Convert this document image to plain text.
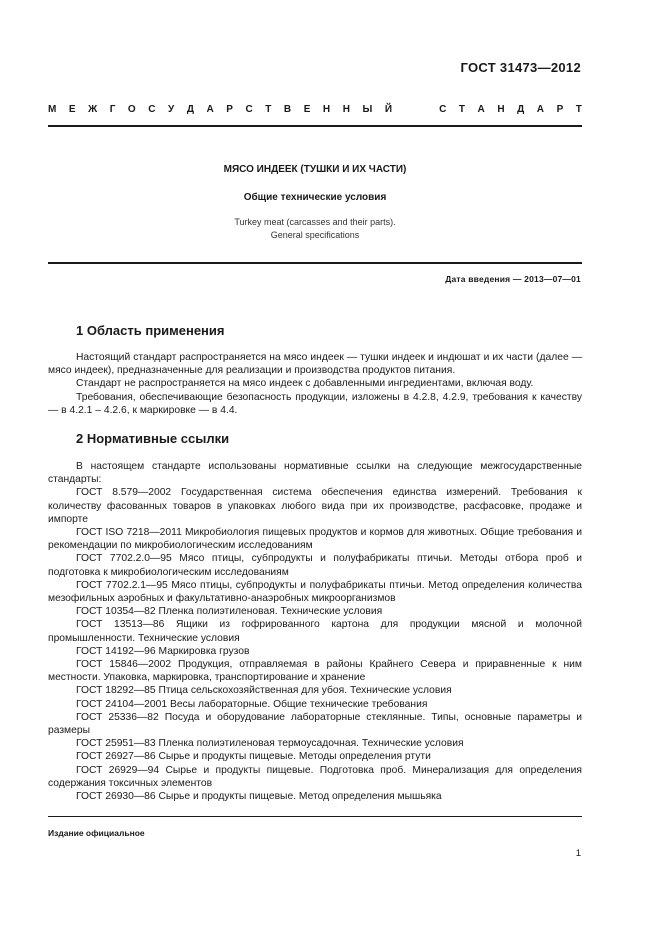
ГОСТ 31473—2012
М Е Ж Г О С У Д А Р С Т В Е Н Н Ы Й	С Т А Н Д А Р Т
МЯСО ИНДЕЕК (ТУШКИ И ИХ ЧАСТИ)
Общие технические условия
Turkey meat (carcasses and their parts).
General specifications
Дата введения — 2013—07—01
1 Область применения

Настоящий стандарт распространяется на мясо индеек — тушки индеек и индюшат и их части (далее — мясо индеек), предназначенные для реализации и производства продуктов питания.

Стандарт не распространяется на мясо индеек с добавленными ингредиентами, включая воду.

Требования, обеспечивающие безопасность продукции, изложены в 4.2.8, 4.2.9, требования к качеству — в 4.2.1 – 4.2.6, к маркировке — в 4.4.

2 Нормативные ссылки

В настоящем стандарте использованы нормативные ссылки на следующие межгосударственные стандарты:

ГОСТ 8.579—2002 Государственная система обеспечения единства измерений. Требования к количеству фасованных товаров в упаковках любого вида при их производстве, расфасовке, продаже и импорте

ГОСТ ISO 7218—2011 Микробиология пищевых продуктов и кормов для животных. Общие требования и рекомендации по микробиологическим исследованиям

ГОСТ 7702.2.0—95 Мясо птицы, субпродукты и полуфабрикаты птичьи. Методы отбора проб и подготовка к микробиологическим исследованиям

ГОСТ 7702.2.1—95 Мясо птицы, субпродукты и полуфабрикаты птичьи. Метод определения количества мезофильных аэробных и факультативно-анаэробных микроорганизмов

ГОСТ 10354—82 Пленка полиэтиленовая. Технические условия

ГОСТ 13513—86 Ящики из гофрированного картона для продукции мясной и молочной промышленности. Технические условия

ГОСТ 14192—96 Маркировка грузов

ГОСТ 15846—2002 Продукция, отправляемая в районы Крайнего Севера и приравненные к ним местности. Упаковка, маркировка, транспортирование и хранение

ГОСТ 18292—85 Птица сельскохозяйственная для убоя. Технические условия

ГОСТ 24104—2001 Весы лабораторные. Общие технические требования

ГОСТ 25336—82 Посуда и оборудование лабораторные стеклянные. Типы, основные параметры и размеры

ГОСТ 25951—83 Пленка полиэтиленовая термоусадочная. Технические условия

ГОСТ 26927—86 Сырье и продукты пищевые. Методы определения ртути

ГОСТ 26929—94 Сырье и продукты пищевые. Подготовка проб. Минерализация для определения содержания токсичных элементов

ГОСТ 26930—86 Сырье и продукты пищевые. Метод определения мышьяка

Издание официальное
1
